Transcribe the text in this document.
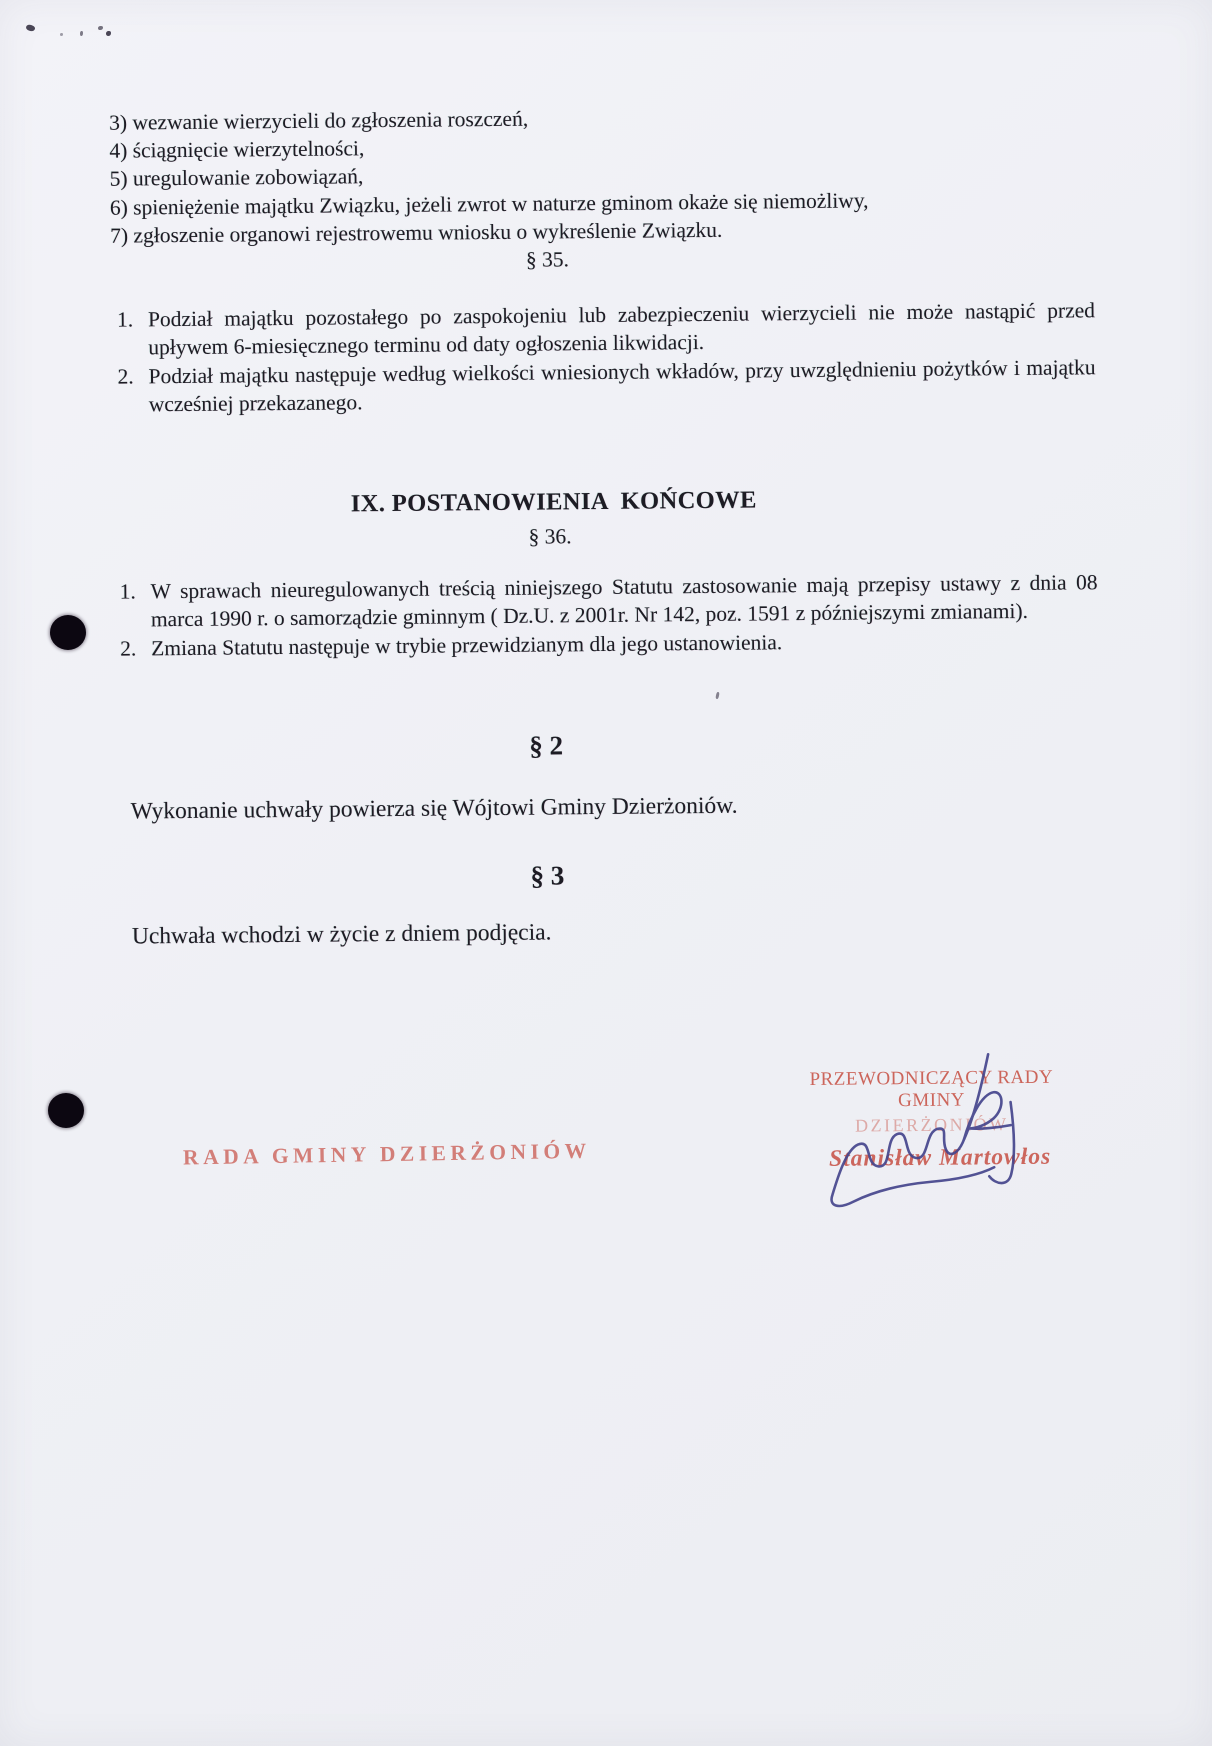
3) wezwanie wierzycieli do zgłoszenia roszczeń,
4) ściągnięcie wierzytelności,
5) uregulowanie zobowiązań,
6) spieniężenie majątku Związku, jeżeli zwrot w naturze gminom okaże się niemożliwy,
7) zgłoszenie organowi rejestrowemu wniosku o wykreślenie Związku.
§ 35.
1. Podział majątku pozostałego po zaspokojeniu lub zabezpieczeniu wierzycieli nie może nastąpić przed upływem 6-miesięcznego terminu od daty ogłoszenia likwidacji.
2. Podział majątku następuje według wielkości wniesionych wkładów, przy uwzględnieniu pożytków i majątku wcześniej przekazanego.
IX. POSTANOWIENIA  KOŃCOWE
§ 36.
1. W sprawach nieuregulowanych treścią niniejszego Statutu zastosowanie mają przepisy ustawy z dnia 08 marca 1990 r. o samorządzie gminnym ( Dz.U. z 2001r. Nr 142, poz. 1591 z późniejszymi zmianami).
2. Zmiana Statutu następuje w trybie przewidzianym dla jego ustanowienia.
§ 2
Wykonanie uchwały powierza się Wójtowi Gminy Dzierżoniów.
§ 3
Uchwała wchodzi w życie z dniem podjęcia.
RADA GMINY DZIERŻONIÓW
PRZEWODNICZĄCY RADY GMINY
DZIERŻONIÓW
Stanisław Martowłos
